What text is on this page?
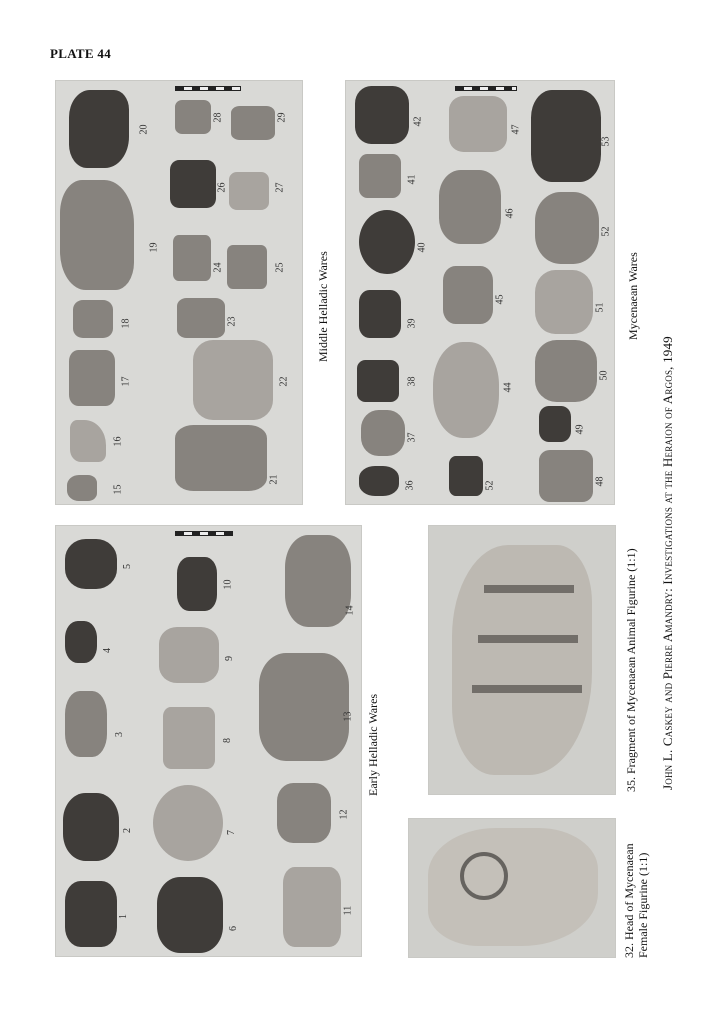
PLATE 44
15
16
17
18
19
20
21
22
23
24	25
26	27
28	29
Middle Helladic Wares
36
37
38
39
40
41
42
52
44
45
46
47
48
49
50
51
52
53
Mycenaean Wares
1
2
3
4
5
6
7
8
9
10
11
12
13
14
Early Helladic Wares	35. Fragment of Mycenaean Animal Figurine (1:1)
32. Head of Mycenaean Female Figurine (1:1)
John L. Caskey and Pierre Amandry: Investigations at the Heraion of Argos, 1949
